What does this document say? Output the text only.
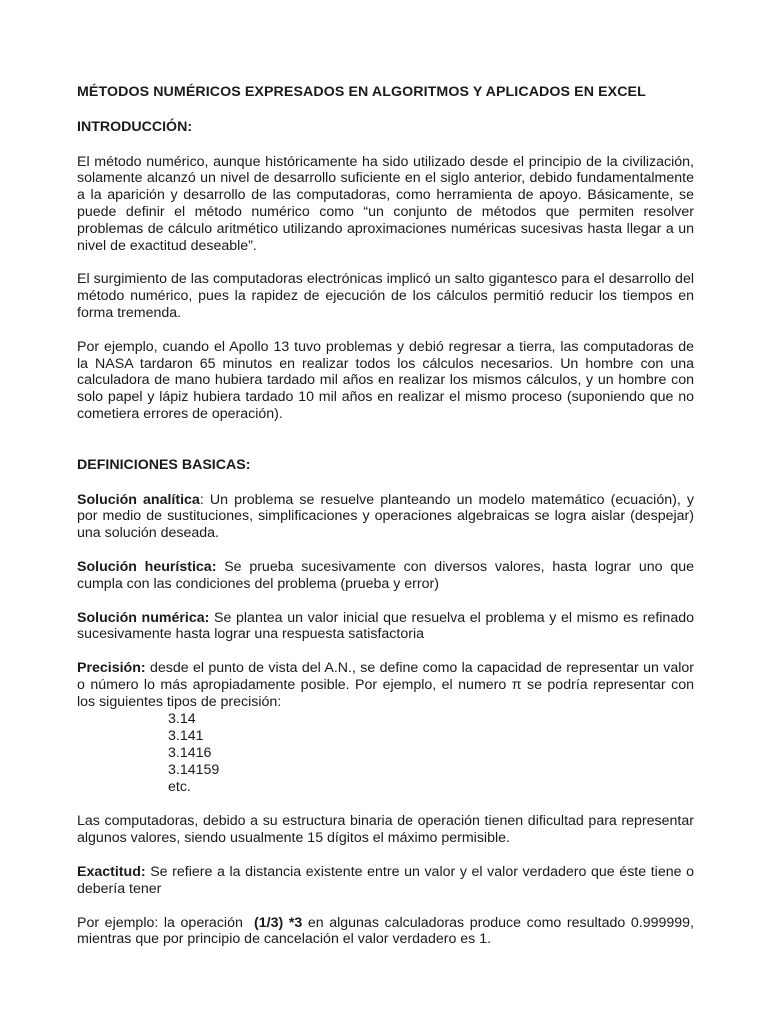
MÉTODOS NUMÉRICOS EXPRESADOS EN ALGORITMOS Y APLICADOS EN EXCEL
INTRODUCCIÓN:

El método numérico, aunque históricamente ha sido utilizado desde el principio de la civilización, solamente alcanzó un nivel de desarrollo suficiente en el siglo anterior, debido fundamentalmente a la aparición y desarrollo de las computadoras, como herramienta de apoyo. Básicamente, se puede definir el método numérico como “un conjunto de métodos que permiten resolver problemas de cálculo aritmético utilizando aproximaciones numéricas sucesivas hasta llegar a un nivel de exactitud deseable”.

El surgimiento de las computadoras electrónicas implicó un salto gigantesco para el desarrollo del método numérico, pues la rapidez de ejecución de los cálculos permitió reducir los tiempos en forma tremenda.

Por ejemplo, cuando el Apollo 13 tuvo problemas y debió regresar a tierra, las computadoras de la NASA tardaron 65 minutos en realizar todos los cálculos necesarios. Un hombre con una calculadora de mano hubiera tardado mil años en realizar los mismos cálculos, y un hombre con solo papel y lápiz hubiera tardado 10 mil años en realizar el mismo proceso (suponiendo que no cometiera errores de operación).

DEFINICIONES BASICAS:

Solución analítica: Un problema se resuelve planteando un modelo matemático (ecuación), y por medio de sustituciones, simplificaciones y operaciones algebraicas se logra aislar (despejar) una solución deseada.

Solución heurística: Se prueba sucesivamente con diversos valores, hasta lograr uno que cumpla con las condiciones del problema (prueba y error)

Solución numérica: Se plantea un valor inicial que resuelva el problema y el mismo es refinado sucesivamente hasta lograr una respuesta satisfactoria

Precisión: desde el punto de vista del A.N., se define como la capacidad de representar un valor o número lo más apropiadamente posible. Por ejemplo, el numero π se podría representar con los siguientes tipos de precisión:

3.14
3.141
3.1416
3.14159
etc.

Las computadoras, debido a su estructura binaria de operación tienen dificultad para representar algunos valores, siendo usualmente 15 dígitos el máximo permisible.

Exactitud: Se refiere a la distancia existente entre un valor y el valor verdadero que éste tiene o debería tener

Por ejemplo: la operación  (1/3) *3 en algunas calculadoras produce como resultado 0.999999, mientras que por principio de cancelación el valor verdadero es 1.
